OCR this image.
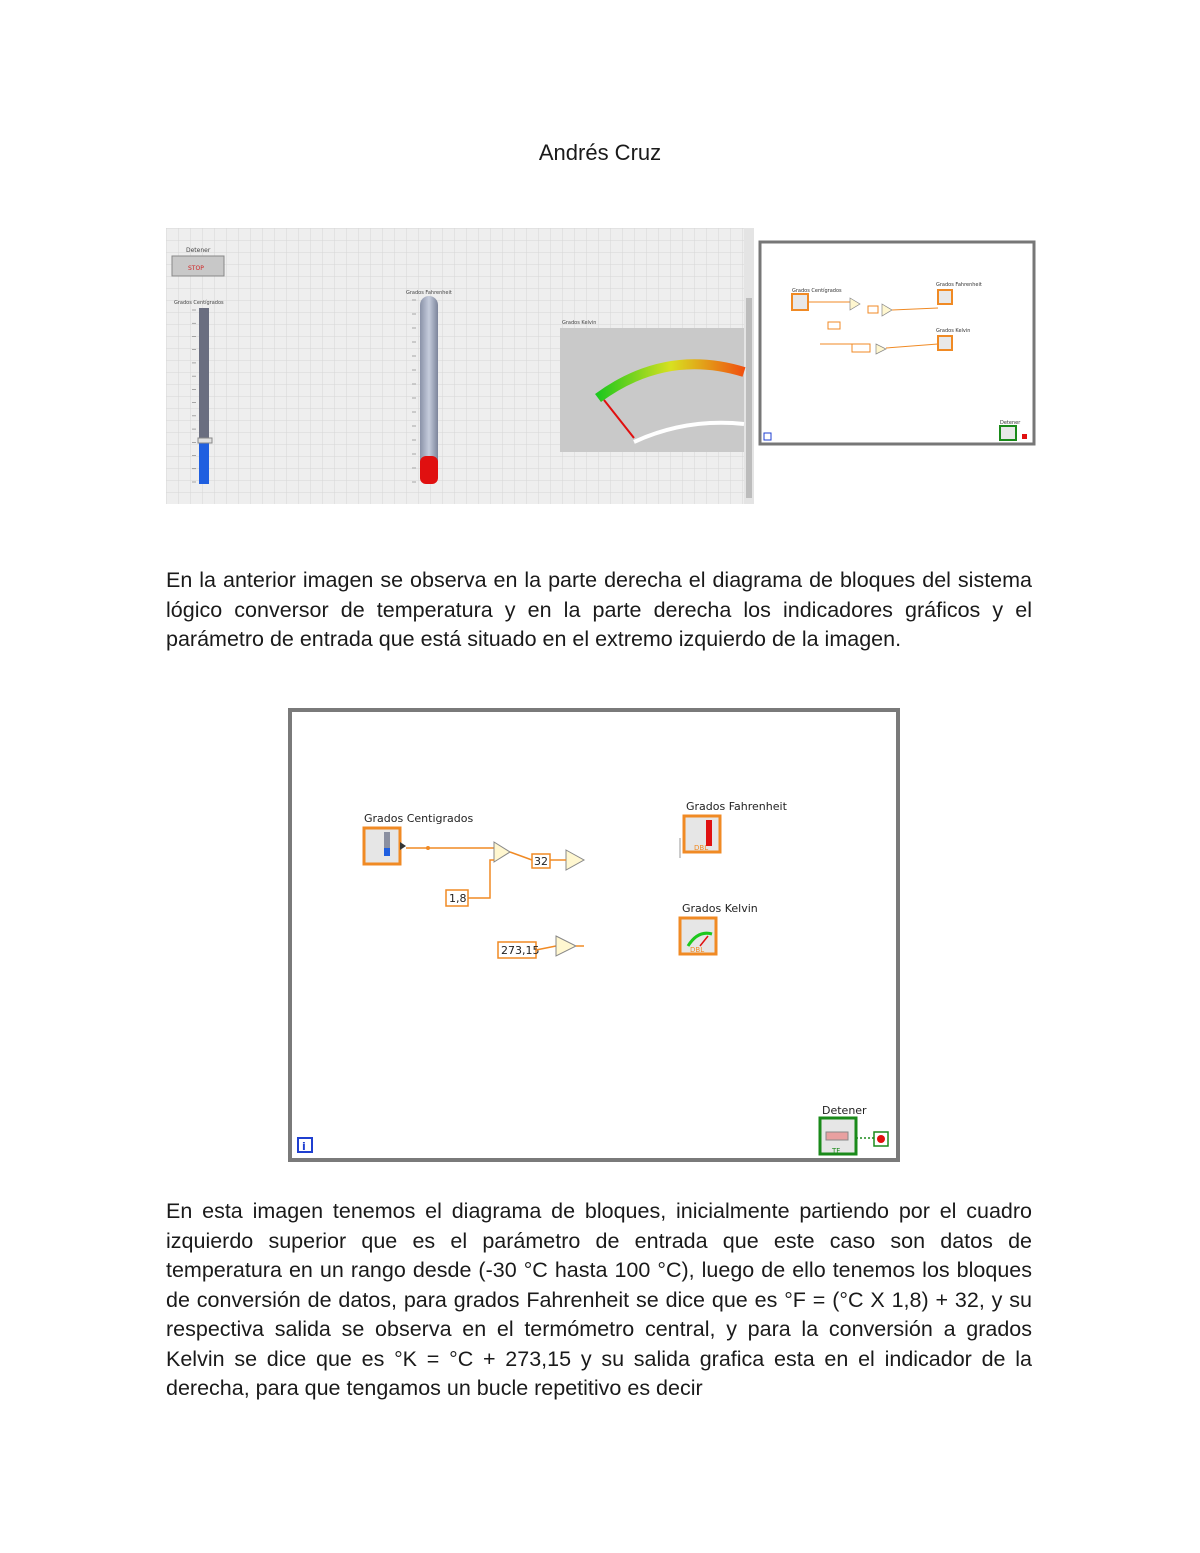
Andrés Cruz
Detener
STOP
Grados Centígrados
Grados Fahrenheit
Grados Kelvin
Grados Centígrados
Grados Fahrenheit
Grados Kelvin
Detener

En la anterior imagen se observa en la parte derecha el diagrama de bloques del sistema lógico conversor de temperatura y en la parte derecha los indicadores gráficos y el parámetro de entrada que está situado en el extremo izquierdo de la imagen.

Grados Centigrados
32
1,8
273,15
Grados Fahrenheit
DBL
Grados Kelvin
DBL
i
Detener
TF

En esta imagen tenemos el diagrama de bloques, inicialmente partiendo por el cuadro izquierdo superior que es el parámetro de entrada que este caso son datos de temperatura en un rango desde (-30 °C hasta 100 °C), luego de ello tenemos los bloques de conversión de datos, para grados Fahrenheit se dice que es °F = (°C X 1,8) + 32, y su respectiva salida se observa en el termómetro central, y para la conversión a grados Kelvin se dice que es °K = °C + 273,15 y su salida grafica esta en el indicador de la derecha, para que tengamos un bucle repetitivo es decir
